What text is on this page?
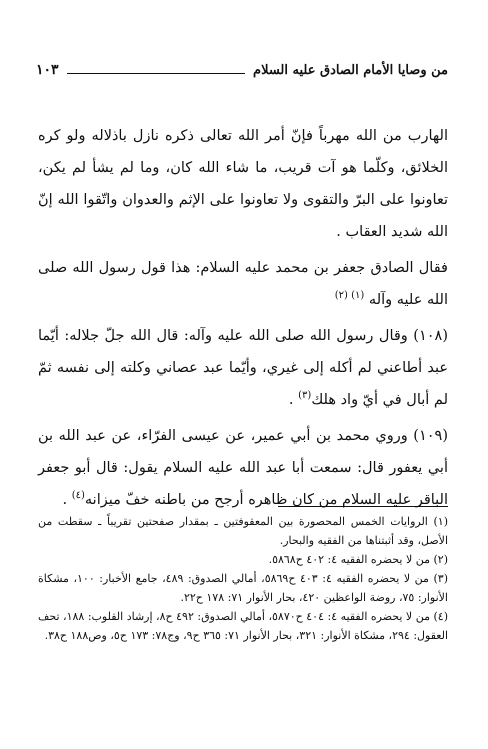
من وصايا الأمام الصادق عليه السلام
١٠٣

الهارب من الله مهرباً فإنّ أمر الله تعالى ذكره نازل باذلاله ولو كره الخلائق، وكلّما هو آت قريب، ما شاء الله كان، وما لم يشأ لم يكن، تعاونوا على البرّ والتقوى ولا تعاونوا على الإثم والعدوان واتّقوا الله إنّ الله شديد العقاب .

فقال الصادق جعفر بن محمد عليه السلام: هذا قول رسول الله صلى الله عليه وآله $^{(١) (٢)}$

(١٠٨) وقال رسول الله صلى الله عليه وآله: قال الله جلّ جلاله: أيّما عبد أطاعني لم أكله إلى غيري، وأيّما عبد عصاني وكلته إلى نفسه ثمّ لم أبال في أيّ واد هلك$^{(٣)}$ .

(١٠٩) وروي محمد بن أبي عمير، عن عيسى الفرّاء، عن عبد الله بن أبي يعفور قال: سمعت أبا عبد الله عليه السلام يقول: قال أبو جعفر الباقر عليه السلام من كان ظاهره أرجح من باطنه خفّ ميزانه$^{(٤)}$ .

(١) الروايات الخمس المحصورة بين المعقوفتين ـ بمقدار صفحتين تقريباً ـ سقطت من الأصل، وقد أثبتناها من الفقيه والبحار.

(٢) من لا يحضره الفقيه ٤: ٤٠٢ ح٥٨٦٨.

(٣) من لا يحضره الفقيه ٤: ٤٠٣ ح٥٨٦٩، أمالي الصدوق: ٤٨٩، جامع الأخبار: ١٠٠، مشكاة الأنوار: ٧٥، روضة الواعظين ٤٢٠، بحار الأنوار ٧١: ١٧٨ ح٢٢.

(٤) من لا يحضره الفقيه ٤: ٤٠٤ ح٥٨٧٠، أمالي الصدوق: ٤٩٢ ح٨، إرشاد القلوب: ١٨٨، تحف العقول: ٢٩٤، مشكاة الأنوار: ٣٢١، بحار الأنوار ٧١: ٣٦٥ ح٩، وج٧٨: ١٧٣ ح٥، وص١٨٨ ح٣٨.
